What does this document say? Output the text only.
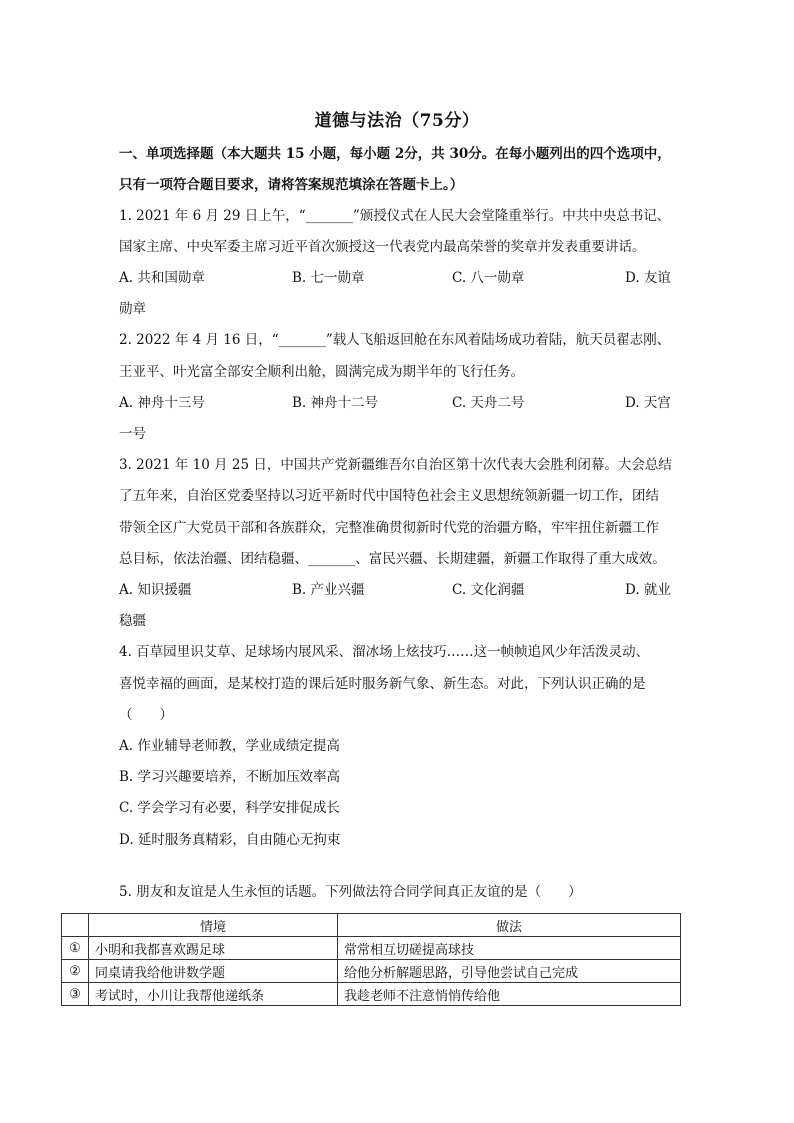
道德与法治（75分）
一、单项选择题（本大题共 15 小题，每小题 2分，共 30分。在每小题列出的四个选项中，
只有一项符合题目要求，请将答案规范填涂在答题卡上。）
1. 2021 年 6 月 29 日上午，“_______”颁授仪式在人民大会堂隆重举行。中共中央总书记、
国家主席、中央军委主席习近平首次颁授这一代表党内最高荣誉的奖章并发表重要讲话。
A. 共和国勋章	B. 七一勋章	C. 八一勋章	D. 友谊
勋章
2. 2022 年 4 月 16 日，“_______”载人飞船返回舱在东风着陆场成功着陆，航天员翟志刚、
王亚平、叶光富全部安全顺利出舱，圆满完成为期半年的飞行任务。
A. 神舟十三号	B. 神舟十二号	C. 天舟二号	D. 天宫
一号
3. 2021 年 10 月 25 日，中国共产党新疆维吾尔自治区第十次代表大会胜利闭幕。大会总结
了五年来，自治区党委坚持以习近平新时代中国特色社会主义思想统领新疆一切工作，团结
带领全区广大党员干部和各族群众，完整准确贯彻新时代党的治疆方略，牢牢扭住新疆工作
总目标，依法治疆、团结稳疆、_______、富民兴疆、长期建疆，新疆工作取得了重大成效。
A. 知识援疆	B. 产业兴疆	C. 文化润疆	D. 就业
稳疆
4. 百草园里识艾草、足球场内展风采、溜冰场上炫技巧……这一帧帧追风少年活泼灵动、
喜悦幸福的画面，是某校打造的课后延时服务新气象、新生态。对此，下列认识正确的是
（　　）
A. 作业辅导老师教，学业成绩定提高
B. 学习兴趣要培养，不断加压效率高
C. 学会学习有必要，科学安排促成长
D. 延时服务真精彩，自由随心无拘束
5. 朋友和友谊是人生永恒的话题。下列做法符合同学间真正友谊的是（　　）
	情境	做法
①	小明和我都喜欢踢足球	常常相互切磋提高球技
②	同桌请我给他讲数学题	给他分析解题思路，引导他尝试自己完成
③	考试时，小川让我帮他递纸条	我趁老师不注意悄悄传给他
